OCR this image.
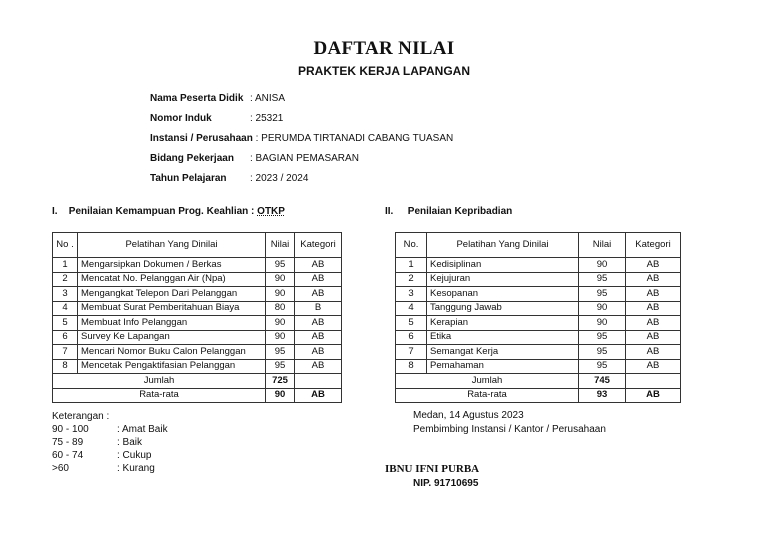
DAFTAR NILAI
PRAKTEK KERJA LAPANGAN
Nama Peserta Didik : ANISA
Nomor Induk	: 25321
Instansi / Perusahaan : PERUMDA TIRTANADI CABANG TUASAN
Bidang Pekerjaan : BAGIAN PEMASARAN
Tahun Pelajaran : 2023 / 2024
I. Penilaian Kemampuan Prog. Keahlian : OTKP	II. Penilaian Kepribadian
No .	Pelatihan Yang Dinilai	Nilai	Kategori
1	Mengarsipkan Dokumen / Berkas	95	AB
2	Mencatat No. Pelanggan Air (Npa)	90	AB
3	Mengangkat Telepon Dari Pelanggan	90	AB
4	Membuat Surat Pemberitahuan Biaya	80	B
5	Membuat Info Pelanggan	90	AB
6	Survey Ke Lapangan	90	AB
7	Mencari Nomor Buku Calon Pelanggan	95	AB
8	Mencetak Pengaktifasian Pelanggan	95	AB
Jumlah		725	
Rata-rata		90	AB
No.	Pelatihan Yang Dinilai	Nilai	Kategori
1	Kedisiplinan	90	AB
2	Kejujuran	95	AB
3	Kesopanan	95	AB
4	Tanggung Jawab	90	AB
5	Kerapian	90	AB
6	Etika	95	AB
7	Semangat Kerja	95	AB
8	Pemahaman	95	AB
Jumlah		745	
Rata-rata		93	AB
Keterangan :
90 - 100	: Amat Baik
75 - 89	: Baik
60 - 74	: Cukup
>60	: Kurang
Medan, 14 Agustus 2023
Pembimbing Instansi / Kantor / Perusahaan
IBNU IFNI PURBA
NIP. 91710695
